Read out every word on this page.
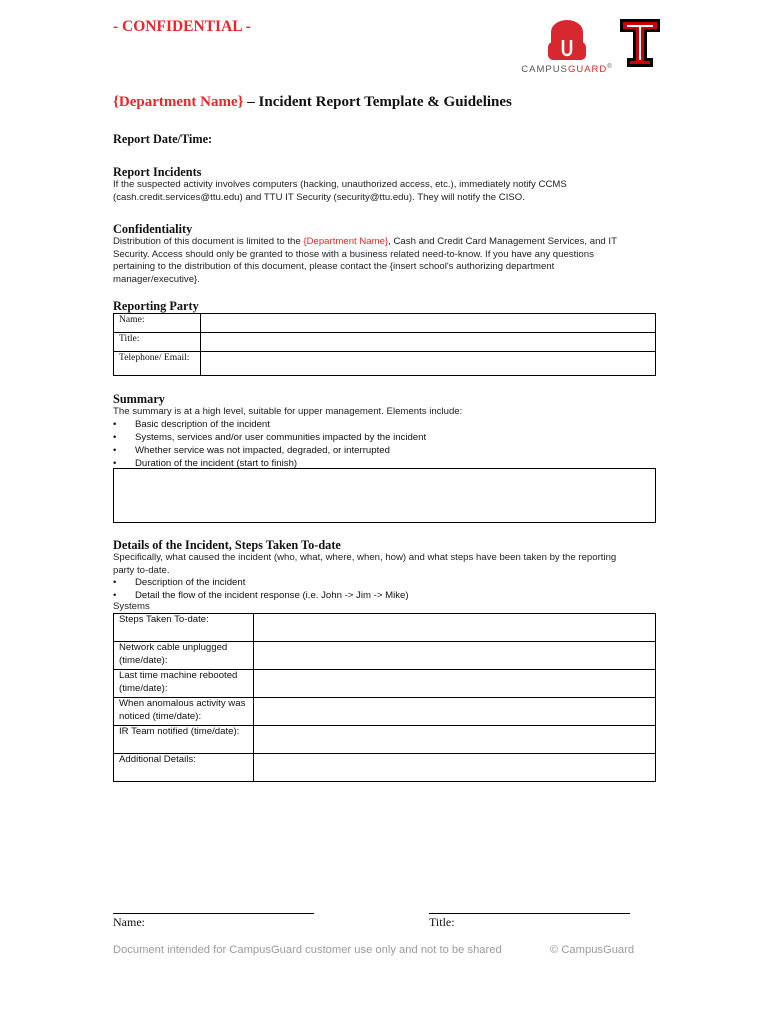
- CONFIDENTIAL -
CAMPUSGUARD®
{Department Name} – Incident Report Template & Guidelines
Report Date/Time:
Report Incidents
If the suspected activity involves computers (hacking, unauthorized access, etc.), immediately notify CCMS
(cash.credit.services@ttu.edu) and TTU IT Security (security@ttu.edu). They will notify the CISO.
Confidentiality
Distribution of this document is limited to the {Department Name}, Cash and Credit Card Management Services, and IT
Security. Access should only be granted to those with a business related need-to-know. If you have any questions
pertaining to the distribution of this document, please contact the {insert school's authorizing department
manager/executive}.
Reporting Party
Name:	
Title:	
Telephone/ Email:	
Summary
The summary is at a high level, suitable for upper management. Elements include:
• Basic description of the incident
• Systems, services and/or user communities impacted by the incident
• Whether service was not impacted, degraded, or interrupted
• Duration of the incident (start to finish)
Details of the Incident, Steps Taken To-date
Specifically, what caused the incident (who, what, where, when, how) and what steps have been taken by the reporting
party to-date.
• Description of the incident
• Detail the flow of the incident response (i.e. John -> Jim -> Mike)
Systems
Steps Taken To-date:	
Network cable unplugged (time/date):	
Last time machine rebooted (time/date):	
When anomalous activity was noticed (time/date):	
IR Team notified (time/date):	
Additional Details:	
Name:	Title:
Document intended for CampusGuard customer use only and not to be shared	© CampusGuard
